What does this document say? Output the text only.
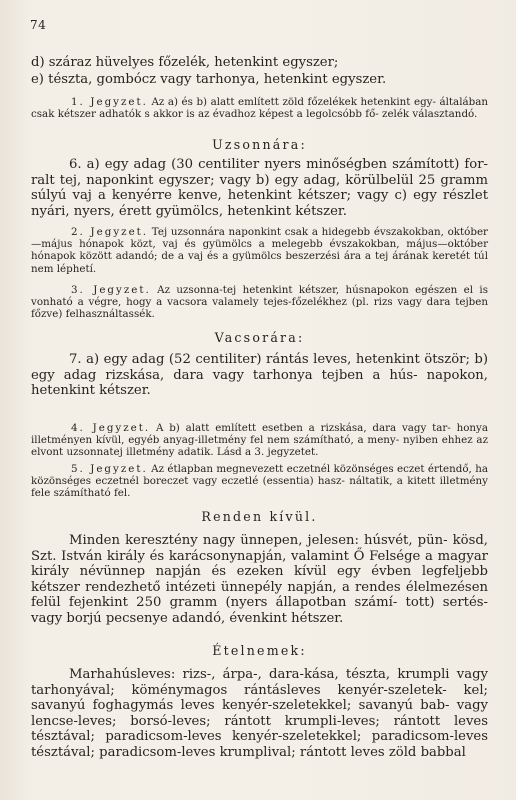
74
d) száraz hüvelyes főzelék, hetenkint egyszer;
e) tészta, gombócz vagy tarhonya, hetenkint egyszer.
1. Jegyzet. Az a) és b) alatt említett zöld főzelékek hetenkint egy- általában csak kétszer adhatók s akkor is az évadhoz képest a legolcsóbb fő- zelék választandó.
Uzsonnára:
6. a) egy adag (30 centiliter nyers minőségben számított) for- ralt tej, naponkint egyszer; vagy b) egy adag, körülbelül 25 gramm súlyú vaj a kenyérre kenve, hetenkint kétszer; vagy c) egy részlet nyári, nyers, érett gyümölcs, hetenkint kétszer.
2. Jegyzet. Tej uzsonnára naponkint csak a hidegebb évszakokban, október—május hónapok közt, vaj és gyümölcs a melegebb évszakokban, május—október hónapok között adandó; de a vaj és a gyümölcs beszerzési ára a tej árának keretét túl nem léphetí.
3. Jegyzet. Az uzsonna-tej hetenkint kétszer, húsnapokon egészen el is vonható a végre, hogy a vacsora valamely tejes-főzelékhez (pl. rizs vagy dara tejben főzve) felhasználtassék.
Vacsorára:
7. a) egy adag (52 centiliter) rántás leves, hetenkint ötször; b) egy adag rizskása, dara vagy tarhonya tejben a hús- napokon, hetenkint kétszer.
4. Jegyzet. A b) alatt említett esetben a rizskása, dara vagy tar- honya illetményen kívül, egyéb anyag-illetmény fel nem számítható, a meny- nyiben ehhez az elvont uzsonnatej illetmény adatik. Lásd a 3. jegyzetet.
5. Jegyzet. Az étlapban megnevezett eczetnél közönséges eczet értendő, ha közönséges eczetnél boreczet vagy eczetlé (essentia) hasz- náltatik, a kitett illetmény fele számítható fel.
Renden kívül.
Minden keresztény nagy ünnepen, jelesen: húsvét, pün- kösd, Szt. István király és karácsonynapján, valamint Ő Felsége a magyar király névünnep napján és ezeken kívül egy évben legfeljebb kétszer rendezhető intézeti ünnepély napján, a rendes élelmezésen felül fejenkint 250 gramm (nyers állapotban számí- tott) sertés- vagy borjú pecsenye adandó, évenkint hétszer.
Ételnemek:
Marhahúsleves: rizs-, árpa-, dara-kása, tészta, krumpli vagy tarhonyával; köménymagos rántásleves kenyér-szeletek- kel; savanyú foghagymás leves kenyér-szeletekkel; savanyú bab- vagy lencse-leves; borsó-leves; rántott krumpli-leves; rántott leves tésztával; paradicsom-leves kenyér-szeletekkel; paradicsom-leves tésztával; paradicsom-leves krumplival; rántott leves zöld babbal
